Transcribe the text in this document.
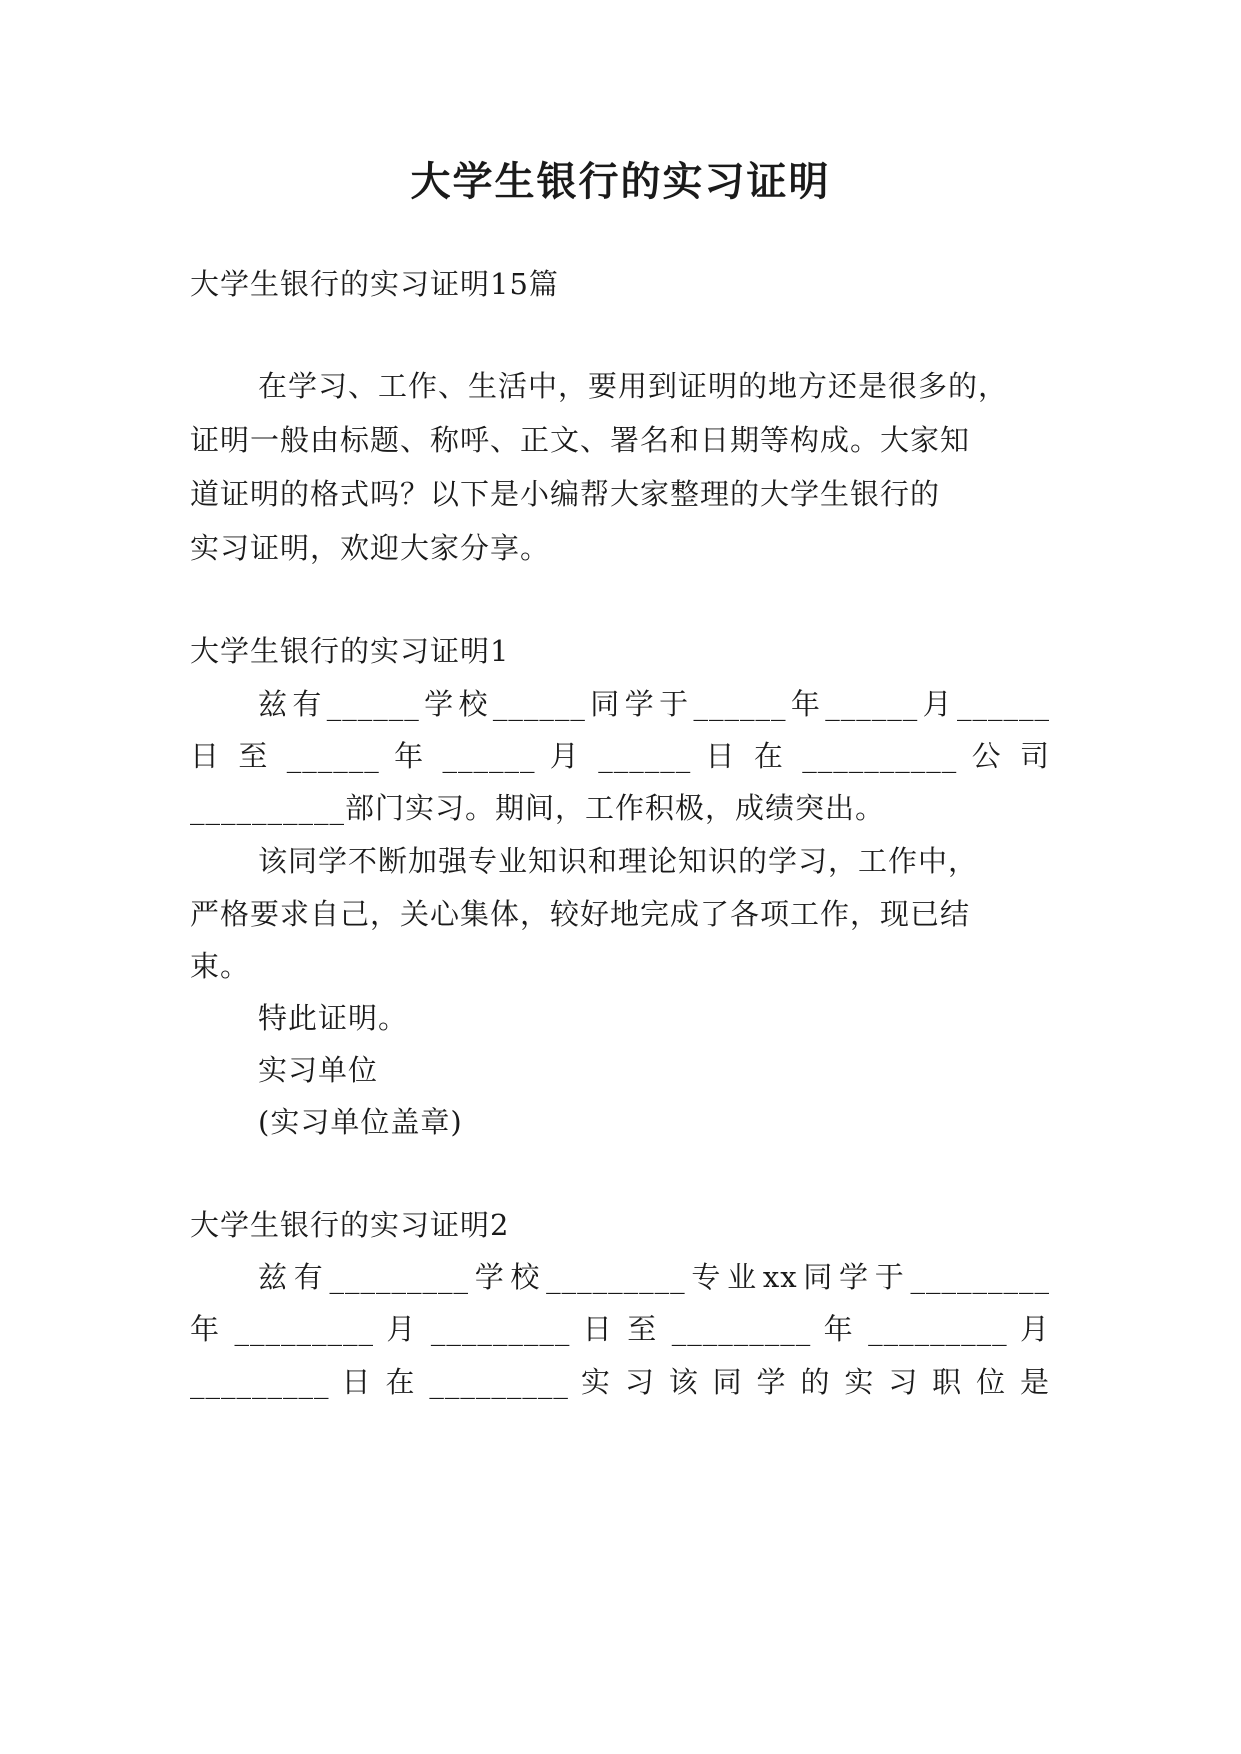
大学生银行的实习证明
大学生银行的实习证明15篇
在学习、工作、生活中，要用到证明的地方还是很多的，
证明一般由标题、称呼、正文、署名和日期等构成。大家知
道证明的格式吗？以下是小编帮大家整理的大学生银行的
实习证明，欢迎大家分享。
大学生银行的实习证明1
兹有______学校______同学于______年______月______
日 至 ______ 年 ______ 月 ______ 日 在 __________ 公 司
__________部门实习。期间，工作积极，成绩突出。
该同学不断加强专业知识和理论知识的学习，工作中，
严格要求自己，关心集体，较好地完成了各项工作，现已结
束。
特此证明。
实习单位
(实习单位盖章)
大学生银行的实习证明2
兹有_________学校_________专业xx同学于_________
年 _________ 月 _________ 日 至 _________ 年 _________ 月
_________ 日 在 _________ 实 习 该 同 学 的 实 习 职 位 是
